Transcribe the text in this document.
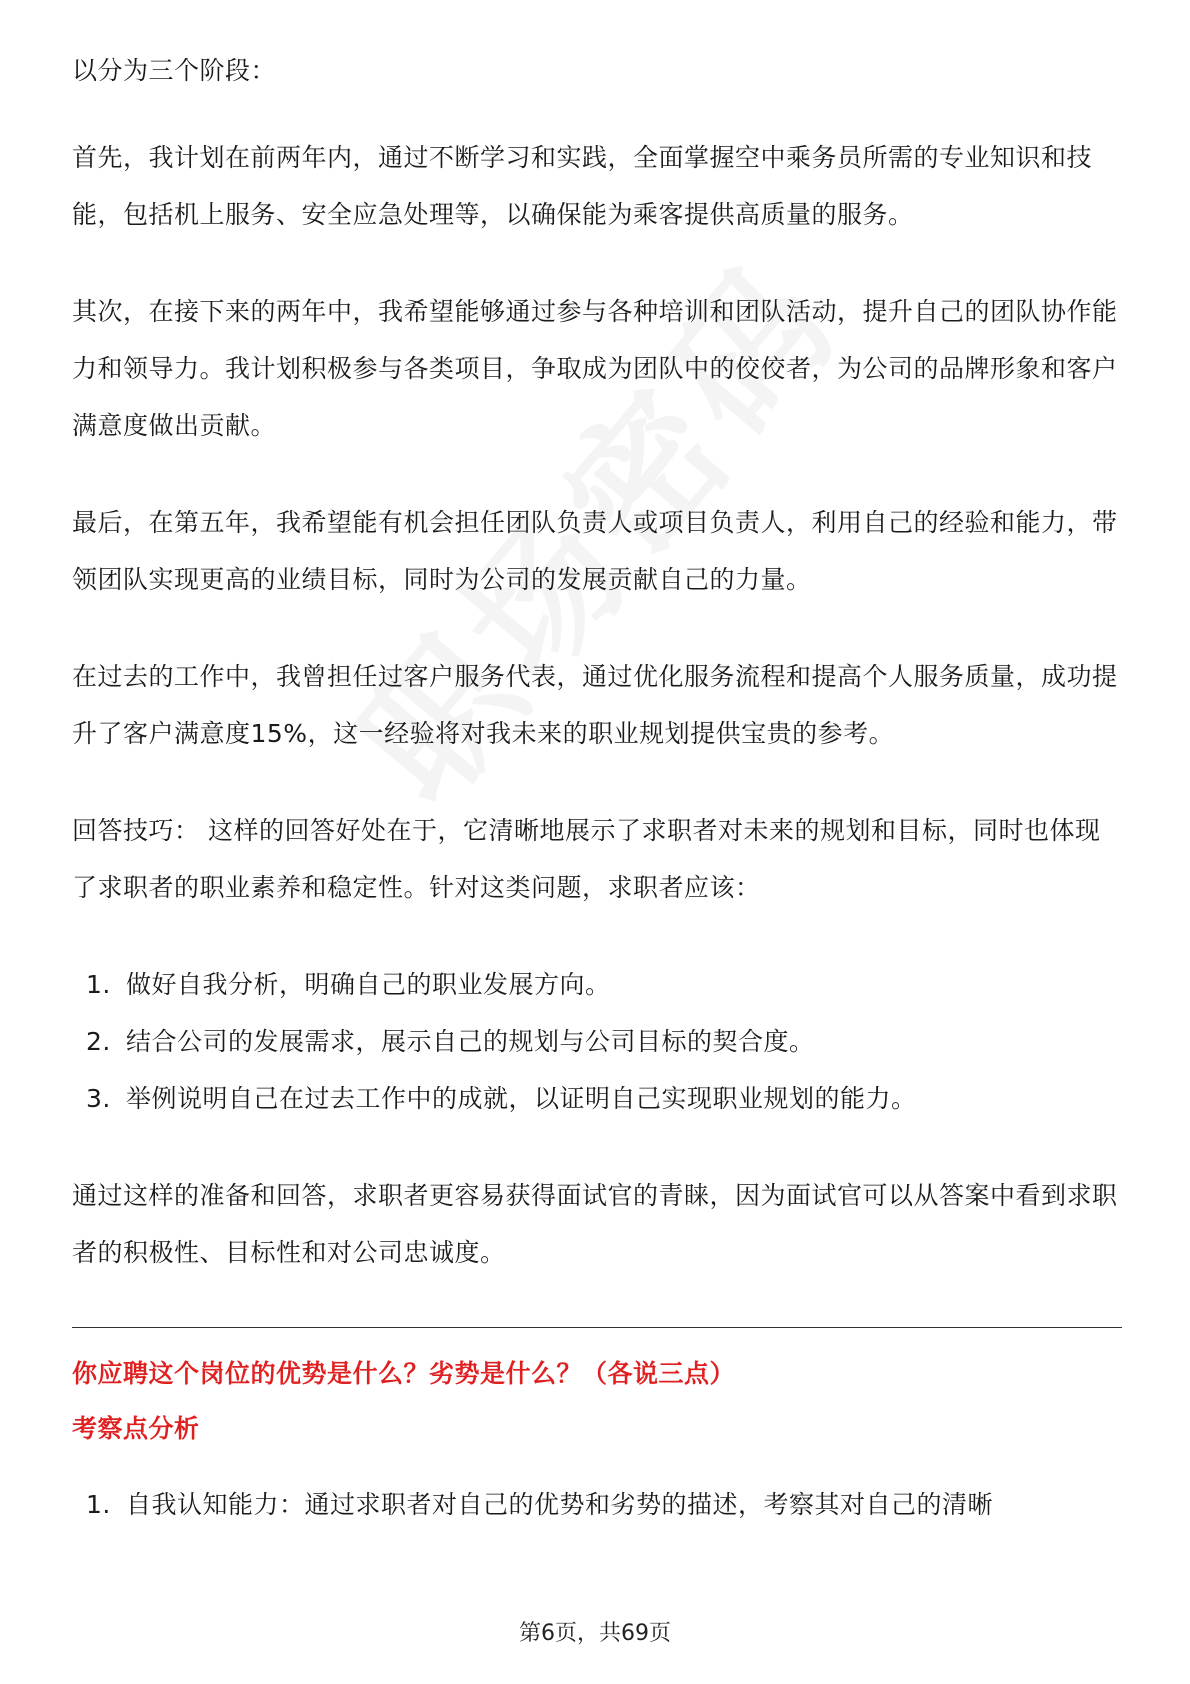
以分为三个阶段：

首先，我计划在前两年内，通过不断学习和实践，全面掌握空中乘务员所需的专业知识和技能，包括机上服务、安全应急处理等，以确保能为乘客提供高质量的服务。

其次，在接下来的两年中，我希望能够通过参与各种培训和团队活动，提升自己的团队协作能力和领导力。我计划积极参与各类项目，争取成为团队中的佼佼者，为公司的品牌形象和客户满意度做出贡献。

最后，在第五年，我希望能有机会担任团队负责人或项目负责人，利用自己的经验和能力，带领团队实现更高的业绩目标，同时为公司的发展贡献自己的力量。

在过去的工作中，我曾担任过客户服务代表，通过优化服务流程和提高个人服务质量，成功提升了客户满意度15%，这一经验将对我未来的职业规划提供宝贵的参考。

回答技巧： 这样的回答好处在于，它清晰地展示了求职者对未来的规划和目标，同时也体现了求职者的职业素养和稳定性。针对这类问题，求职者应该：

1. 做好自我分析，明确自己的职业发展方向。
2. 结合公司的发展需求，展示自己的规划与公司目标的契合度。
3. 举例说明自己在过去工作中的成就，以证明自己实现职业规划的能力。

通过这样的准备和回答，求职者更容易获得面试官的青睐，因为面试官可以从答案中看到求职者的积极性、目标性和对公司忠诚度。

你应聘这个岗位的优势是什么？劣势是什么？（各说三点）
考察点分析
1. 自我认知能力：通过求职者对自己的优势和劣势的描述，考察其对自己的清晰
第6页，共69页
